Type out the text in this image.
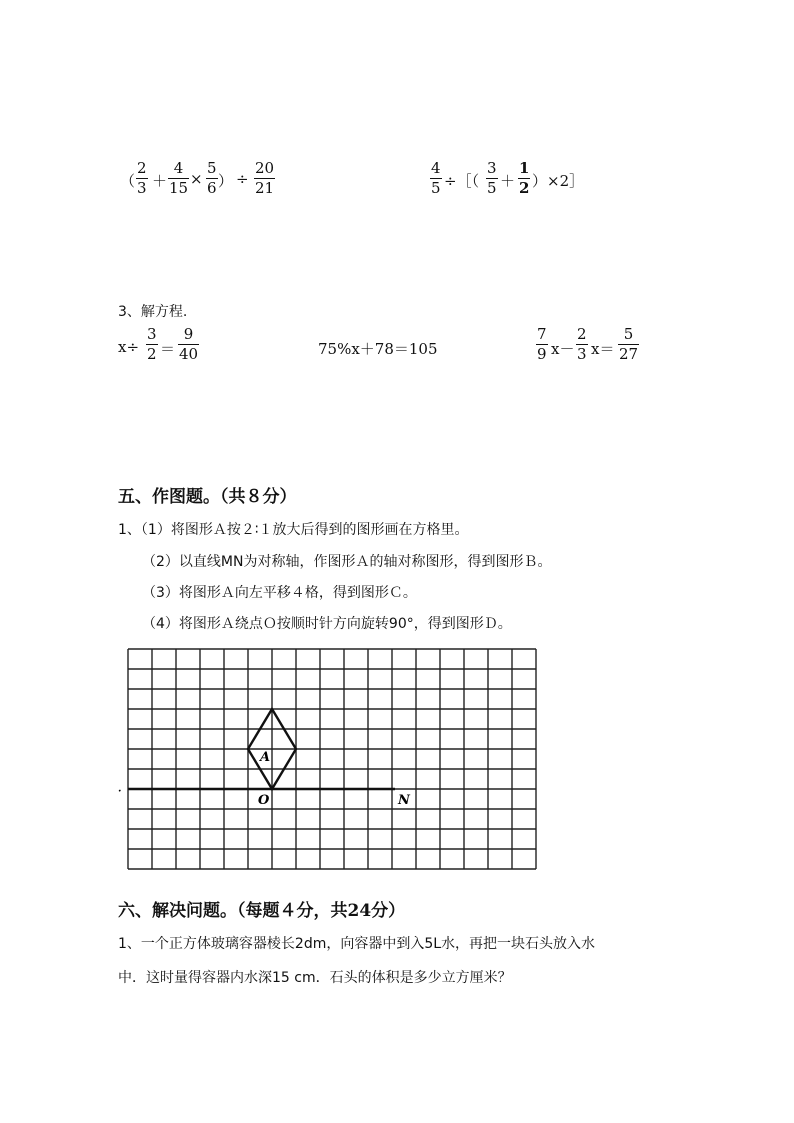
（
2
3 ＋
4
15 ×
5
6 ） ÷
20
21
4
5 ÷［（
3
5 ＋
1
2 ）×2］
3、解方程.
x÷
3
2 ＝
9
40	75%x＋78＝105
7
9 x－
2
3 x＝
5
27
五、作图题。（共８分）
1、（1）将图形Ａ按２∶１放大后得到的图形画在方格里。
（2）以直线MN为对称轴，作图形Ａ的轴对称图形，得到图形Ｂ。
（3）将图形Ａ向左平移４格，得到图形Ｃ。
（4）将图形Ａ绕点Ｏ按顺时针方向旋转90°，得到图形Ｄ。
A
O	N
·
六、解决问题。（每题４分，共24分）
1、一个正方体玻璃容器棱长2dm，向容器中到入5L水，再把一块石头放入水
中．这时量得容器内水深15 cm．石头的体积是多少立方厘米？
